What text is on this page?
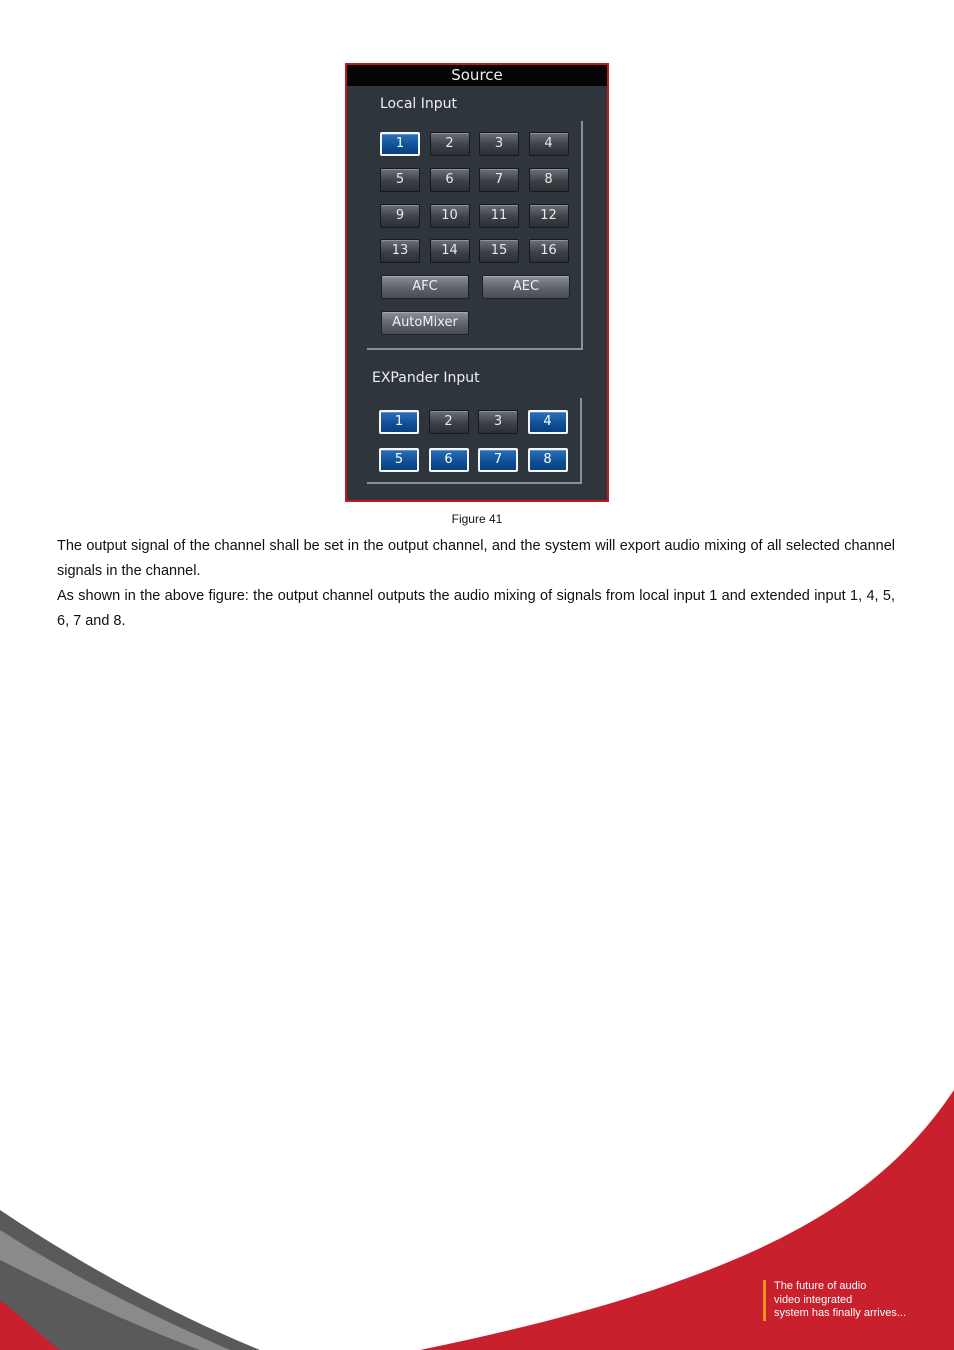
Source
Local Input
AFC	AEC
AutoMixer
EXPander Input
1	2	3	4
5	6	7	8
9	10	11	12
13	14	15	16
1	2	3	4
5	6	7	8
Figure 41

The output signal of the channel shall be set in the output channel, and the system will export audio mixing of all selected channel signals in the channel.

As shown in the above figure: the output channel outputs the audio mixing of signals from local input 1 and extended input 1, 4, 5, 6, 7 and 8.

The future of audio
video integrated
system has finally arrives...
